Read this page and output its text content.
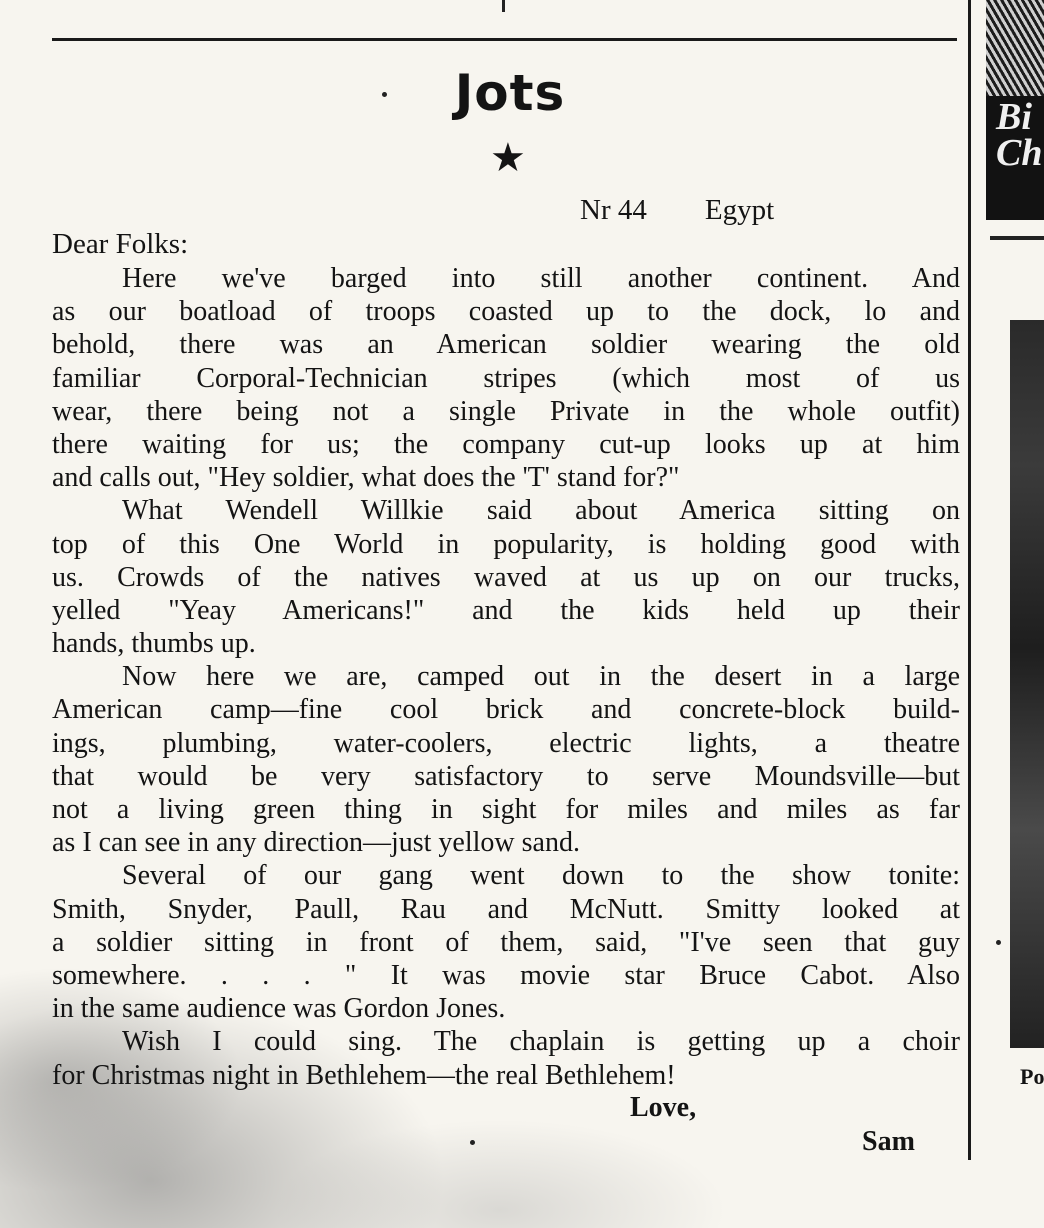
Bi
Ch
Po
Jots
★
Nr 44        Egypt
Dear Folks:
Here we've barged into still another continent. And
as our boatload of troops coasted up to the dock, lo and
behold, there was an American soldier wearing the old
familiar Corporal-Technician stripes (which most of us
wear, there being not a single Private in the whole outfit)
there waiting for us; the company cut-up looks up at him
and calls out, "Hey soldier, what does the 'T' stand for?"
What Wendell Willkie said about America sitting on
top of this One World in popularity, is holding good with
us. Crowds of the natives waved at us up on our trucks,
yelled "Yeay Americans!" and the kids held up their
hands, thumbs up.
Now here we are, camped out in the desert in a large
American camp—fine cool brick and concrete-block build-
ings, plumbing, water-coolers, electric lights, a theatre
that would be very satisfactory to serve Moundsville—but
not a living green thing in sight for miles and miles as far
as I can see in any direction—just yellow sand.
Several of our gang went down to the show tonite:
Smith, Snyder, Paull, Rau and McNutt. Smitty looked at
a soldier sitting in front of them, said, "I've seen that guy
somewhere. . . . " It was movie star Bruce Cabot. Also
in the same audience was Gordon Jones.
Wish I could sing. The chaplain is getting up a choir
for Christmas night in Bethlehem—the real Bethlehem!
Love,
Sam
